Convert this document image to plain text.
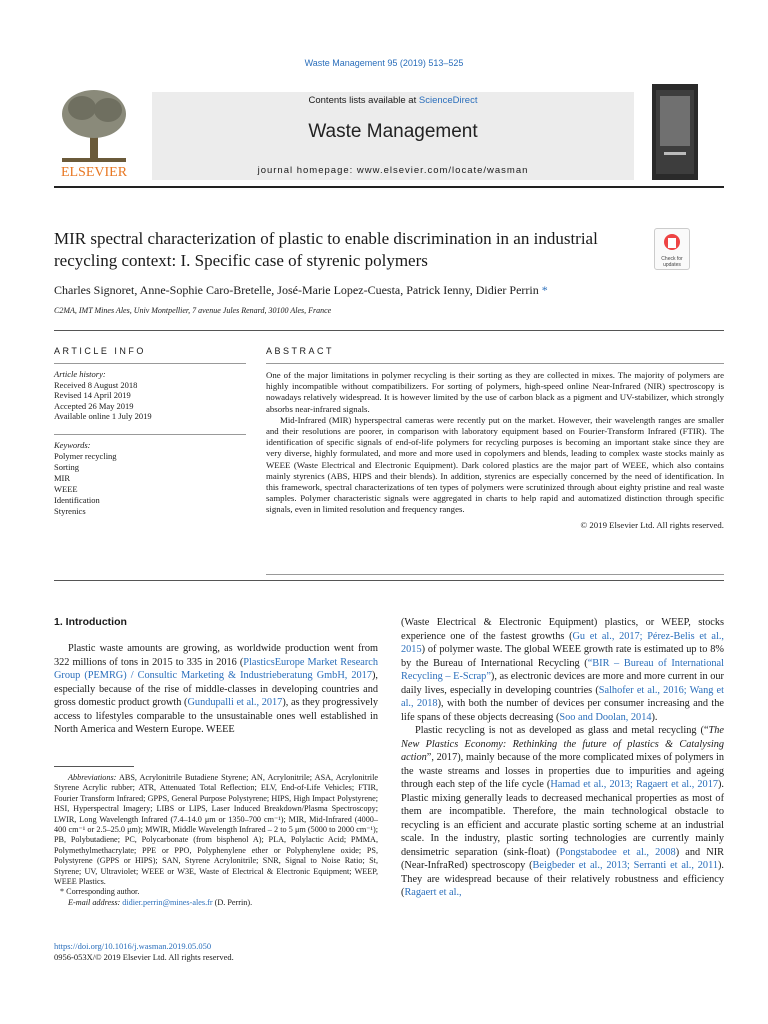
Waste Management 95 (2019) 513–525
ELSEVIER
Contents lists available at ScienceDirect
Waste Management
journal homepage: www.elsevier.com/locate/wasman
MIR spectral characterization of plastic to enable discrimination in an industrial recycling context: I. Specific case of styrenic polymers	Check for updates
Charles Signoret, Anne-Sophie Caro-Bretelle, José-Marie Lopez-Cuesta, Patrick Ienny, Didier Perrin *
C2MA, IMT Mines Ales, Univ Montpellier, 7 avenue Jules Renard, 30100 Ales, France
ARTICLE INFO	ABSTRACT
Article history:
Received 8 August 2018
Revised 14 April 2019
Accepted 26 May 2019
Available online 1 July 2019
Keywords:
Polymer recycling
Sorting
MIR
WEEE
Identification
Styrenics

One of the major limitations in polymer recycling is their sorting as they are collected in mixes. The majority of polymers are highly incompatible without compatibilizers. For sorting of polymers, high-speed online Near-Infrared (NIR) spectroscopy is nowadays relatively widespread. It is however limited by the use of carbon black as a pigment and UV-stabilizer, which strongly absorbs near-infrared signals.

Mid-Infrared (MIR) hyperspectral cameras were recently put on the market. However, their wavelength ranges are smaller and their resolutions are poorer, in comparison with laboratory equipment based on Fourier-Transform Infrared (FTIR). The identification of specific signals of end-of-life polymers for recycling purposes is becoming an important stake since they are very diverse, highly formulated, and more and more used in copolymers and blends, leading to complex waste stocks mainly as WEEE (Waste Electrical and Electronic Equipment). Dark colored plastics are the major part of WEEE, which also contains mainly styrenics (ABS, HIPS and their blends). In addition, styrenics are especially concerned by the need of identification. In this framework, spectral characterizations of ten types of polymers were scrutinized through about eighty pristine and real waste samples. Polymer characteristic signals were aggregated in charts to help rapid and automatized distinction through specific signals, even in limited resolution and frequency ranges.

© 2019 Elsevier Ltd. All rights reserved.
1. Introduction

Plastic waste amounts are growing, as worldwide production went from 322 millions of tons in 2015 to 335 in 2016 (PlasticsEurope Market Research Group (PEMRG) / Consultic Marketing & Industrieberatung GmbH, 2017), especially because of the rise of middle-classes in developing countries and gross domestic product growth (Gundupalli et al., 2017), as they progressively access to lifestyles comparable to the unsustainable ones well established in North America and Western Europe. WEEE

Abbreviations: ABS, Acrylonitrile Butadiene Styrene; AN, Acrylonitrile; ASA, Acrylonitrile Styrene Acrylic rubber; ATR, Attenuated Total Reflection; ELV, End-of-Life Vehicles; FTIR, Fourier Transform Infrared; GPPS, General Purpose Polystyrene; HIPS, High Impact Polystyrene; HSI, Hyperspectral Imagery; LIBS or LIPS, Laser Induced Breakdown/Plasma Spectroscopy; LWIR, Long Wavelength Infrared (7.4–14.0 μm or 1350–700 cm⁻¹); MIR, Mid-Infrared (4000–400 cm⁻¹ or 2.5–25.0 μm); MWIR, Middle Wavelength Infrared – 2 to 5 μm (5000 to 2000 cm⁻¹); PB, Polybutadiene; PC, Polycarbonate (from bisphenol A); PLA, Polylactic Acid; PMMA, Polymethylmethacrylate; PPE or PPO, Polyphenylene ether or Polyphenylene oxide; PS, Polystyrene (GPPS or HIPS); SAN, Styrene Acrylonitrile; SNR, Signal to Noise Ratio; St, Styrene; UV, Ultraviolet; WEEE or W3E, Waste of Electrical & Electronic Equipment; WEEP, WEEE Plastics.

* Corresponding author.

E-mail address: didier.perrin@mines-ales.fr (D. Perrin).

(Waste Electrical & Electronic Equipment) plastics, or WEEP, stocks experience one of the fastest growths (Gu et al., 2017; Pérez-Belis et al., 2015) of polymer waste. The global WEEE growth rate is estimated up to 8% by the Bureau of International Recycling (“BIR – Bureau of International Recycling – E-Scrap”), as electronic devices are more and more current in our daily lives, especially in developing countries (Salhofer et al., 2016; Wang et al., 2018), with both the number of devices per consumer increasing and the life spans of these objects decreasing (Soo and Doolan, 2014).

Plastic recycling is not as developed as glass and metal recycling (“The New Plastics Economy: Rethinking the future of plastics & Catalysing action”, 2017), mainly because of the more complicated mixes of polymers in the waste streams and losses in properties due to impurities and ageing through each step of the life cycle (Hamad et al., 2013; Ragaert et al., 2017). Plastic mixing generally leads to decreased mechanical properties as most of them are incompatible. Therefore, the main technological obstacle to recycling is an efficient and accurate plastic sorting scheme at an industrial scale. In the industry, plastic sorting technologies are currently mainly densimetric separation (sink-float) (Pongstabodee et al., 2008) and NIR (Near-InfraRed) spectroscopy (Beigbeder et al., 2013; Serranti et al., 2011). They are widespread because of their relatively robustness and efficiency (Ragaert et al.,

https://doi.org/10.1016/j.wasman.2019.05.050
0956-053X/© 2019 Elsevier Ltd. All rights reserved.
